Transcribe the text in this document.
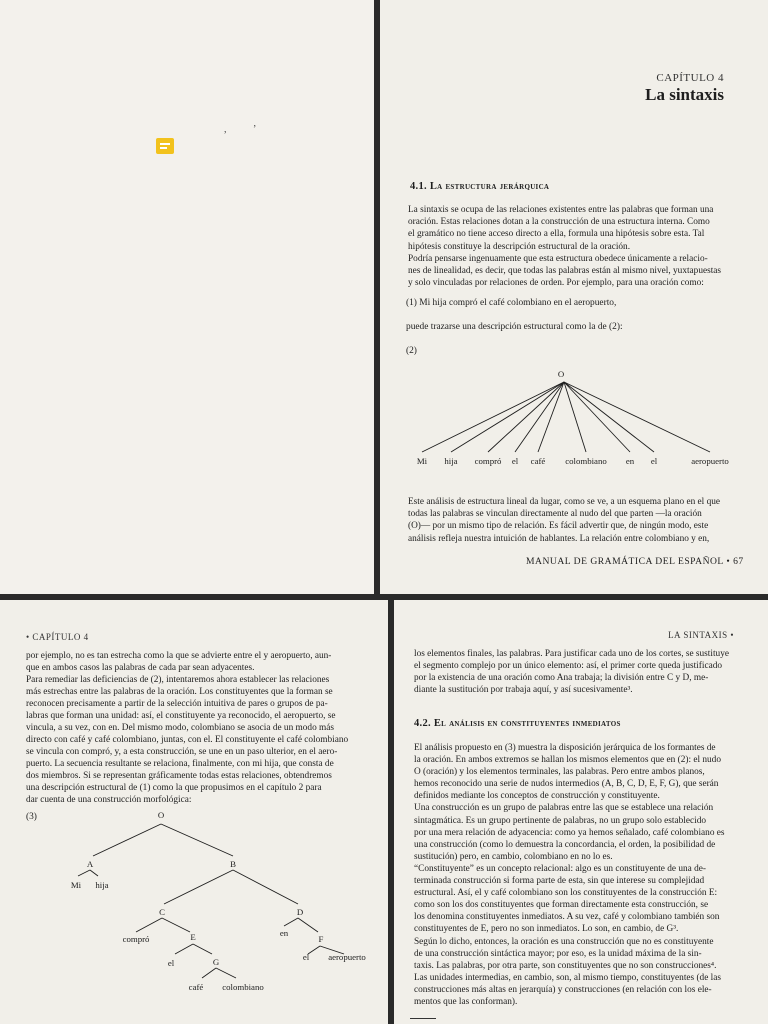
, ’
CAPÍTULO 4
La sintaxis
4.1. La estructura jerárquica
(1) Mi hija compró el café colombiano en el aeropuerto,
puede trazarse una descripción estructural como la de (2):
(2)
O
Mi hija compró el café colombiano en el	aeropuerto
MANUAL DE GRAMÁTICA DEL ESPAÑOL • 67
La sintaxis se ocupa de las relaciones existentes entre las palabras que forman una
oración. Estas relaciones dotan a la construcción de una estructura interna. Como
el gramático no tiene acceso directo a ella, formula una hipótesis sobre esta. Tal
hipótesis constituye la descripción estructural de la oración.
Podría pensarse ingenuamente que esta estructura obedece únicamente a relacio-
nes de linealidad, es decir, que todas las palabras están al mismo nivel, yuxtapuestas
y solo vinculadas por relaciones de orden. Por ejemplo, para una oración como:
Este análisis de estructura lineal da lugar, como se ve, a un esquema plano en el que
todas las palabras se vinculan directamente al nudo del que parten —la oración
(O)— por un mismo tipo de relación. Es fácil advertir que, de ningún modo, este
análisis refleja nuestra intuición de hablantes. La relación entre colombiano y en,
• CAPÍTULO 4
por ejemplo, no es tan estrecha como la que se advierte entre el y aeropuerto, aun-
que en ambos casos las palabras de cada par sean adyacentes.
Para remediar las deficiencias de (2), intentaremos ahora establecer las relaciones
más estrechas entre las palabras de la oración. Los constituyentes que la forman se
reconocen precisamente a partir de la selección intuitiva de pares o grupos de pa-
labras que forman una unidad: así, el constituyente ya reconocido, el aeropuerto, se
vincula, a su vez, con en. Del mismo modo, colombiano se asocia de un modo más
directo con café y café colombiano, juntas, con el. El constituyente el café colombiano
se vincula con compró, y, a esta construcción, se une en un paso ulterior, en el aero-
puerto. La secuencia resultante se relaciona, finalmente, con mi hija, que consta de
dos miembros. Si se representan gráficamente todas estas relaciones, obtendremos
una descripción estructural de (1) como la que propusimos en el capítulo 2 para
dar cuenta de una construcción morfológica:
(3)	O
A	B
Mi hija
C	D
compró	E	en
F
el	G	el aeropuerto
café colombiano
LA SINTAXIS •
los elementos finales, las palabras. Para justificar cada uno de los cortes, se sustituye
el segmento complejo por un único elemento: así, el primer corte queda justificado
por la existencia de una oración como Ana trabaja; la división entre C y D, me-
diante la sustitución por trabaja aquí, y así sucesivamente³.
4.2. El análisis en constituyentes inmediatos
El análisis propuesto en (3) muestra la disposición jerárquica de los formantes de
la oración. En ambos extremos se hallan los mismos elementos que en (2): el nudo
O (oración) y los elementos terminales, las palabras. Pero entre ambos planos,
hemos reconocido una serie de nudos intermedios (A, B, C, D, E, F, G), que serán
definidos mediante los conceptos de construcción y constituyente.
Una construcción es un grupo de palabras entre las que se establece una relación
sintagmática. Es un grupo pertinente de palabras, no un grupo solo establecido
por una mera relación de adyacencia: como ya hemos señalado, café colombiano es
una construcción (como lo demuestra la concordancia, el orden, la posibilidad de
sustitución) pero, en cambio, colombiano en no lo es.
“Constituyente” es un concepto relacional: algo es un constituyente de una de-
terminada construcción si forma parte de esta, sin que interese su complejidad
estructural. Así, el y café colombiano son los constituyentes de la construcción E:
como son los dos constituyentes que forman directamente esta construcción, se
los denomina constituyentes inmediatos. A su vez, café y colombiano también son
constituyentes de E, pero no son inmediatos. Lo son, en cambio, de G³.
Según lo dicho, entonces, la oración es una construcción que no es constituyente
de una construcción sintáctica mayor; por eso, es la unidad máxima de la sin-
taxis. Las palabras, por otra parte, son constituyentes que no son construcciones⁴.
Las unidades intermedias, en cambio, son, al mismo tiempo, constituyentes (de las
construcciones más altas en jerarquía) y construcciones (en relación con los ele-
mentos que las conforman).
